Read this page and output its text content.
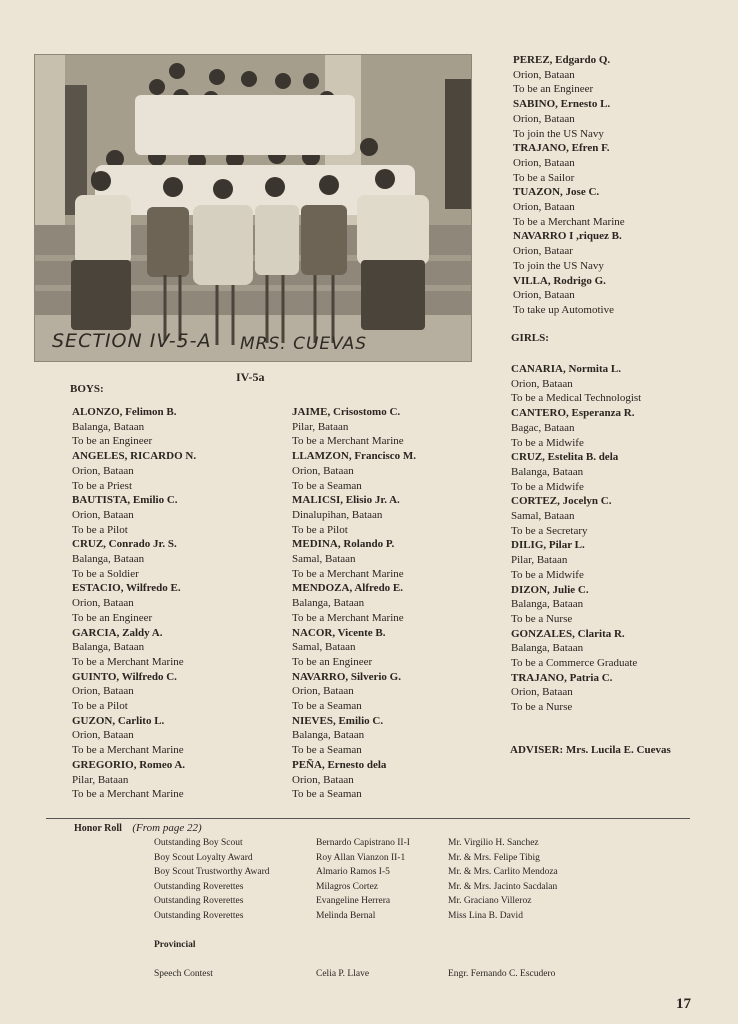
SECTION IV-5-A MRS. CUEVAS
IV-5a
BOYS:
ALONZO, Felimon B.
Balanga, Bataan
To be an Engineer
ANGELES, RICARDO N.
Orion, Bataan
To be a Priest
BAUTISTA, Emilio C.
Orion, Bataan
To be a Pilot
CRUZ, Conrado Jr. S.
Balanga, Bataan
To be a Soldier
ESTACIO, Wilfredo E.
Orion, Bataan
To be an Engineer
GARCIA, Zaldy A.
Balanga, Bataan
To be a Merchant Marine
GUINTO, Wilfredo C.
Orion, Bataan
To be a Pilot
GUZON, Carlito L.
Orion, Bataan
To be a Merchant Marine
GREGORIO, Romeo A.
Pilar, Bataan
To be a Merchant Marine
JAIME, Crisostomo C.
Pilar, Bataan
To be a Merchant Marine
LLAMZON, Francisco M.
Orion, Bataan
To be a Seaman
MALICSI, Elisio Jr. A.
Dinalupihan, Bataan
To be a Pilot
MEDINA, Rolando P.
Samal, Bataan
To be a Merchant Marine
MENDOZA, Alfredo E.
Balanga, Bataan
To be a Merchant Marine
NACOR, Vicente B.
Samal, Bataan
To be an Engineer
NAVARRO, Silverio G.
Orion, Bataan
To be a Seaman
NIEVES, Emilio C.
Balanga, Bataan
To be a Seaman
PEÑA, Ernesto dela
Orion, Bataan
To be a Seaman
PEREZ, Edgardo Q.
Orion, Bataan
To be an Engineer
SABINO, Ernesto L.
Orion, Bataan
To join the US Navy
TRAJANO, Efren F.
Orion, Bataan
To be a Sailor
TUAZON, Jose C.
Orion, Bataan
To be a Merchant Marine
NAVARRO I ,riquez B.
Orion, Bataar
To join the US Navy
VILLA, Rodrigo G.
Orion, Bataan
To take up Automotive
GIRLS:
CANARIA, Normita L.
Orion, Bataan
To be a Medical Technologist
CANTERO, Esperanza R.
Bagac, Bataan
To be a Midwife
CRUZ, Estelita B. dela
Balanga, Bataan
To be a Midwife
CORTEZ, Jocelyn C.
Samal, Bataan
To be a Secretary
DILIG, Pilar L.
Pilar, Bataan
To be a Midwife
DIZON, Julie C.
Balanga, Bataan
To be a Nurse
GONZALES, Clarita R.
Balanga, Bataan
To be a Commerce Graduate
TRAJANO, Patria C.
Orion, Bataan
To be a Nurse
ADVISER: Mrs. Lucila E. Cuevas
Honor Roll (From page 22)
Outstanding Boy Scout
Boy Scout Loyalty Award
Boy Scout Trustworthy Award
Outstanding Roverettes
Outstanding Roverettes
Outstanding Roverettes
Bernardo Capistrano II-I
Roy Allan Vianzon II-1
Almario Ramos I-5
Milagros Cortez
Evangeline Herrera
Melinda Bernal
Mr. Virgilio H. Sanchez
Mr. & Mrs. Felipe Tibig
Mr. & Mrs. Carlito Mendoza
Mr. & Mrs. Jacinto Sacdalan
Mr. Graciano Villeroz
Miss Lina B. David
Provincial
Speech Contest	Celia P. Llave	Engr. Fernando C. Escudero
17
